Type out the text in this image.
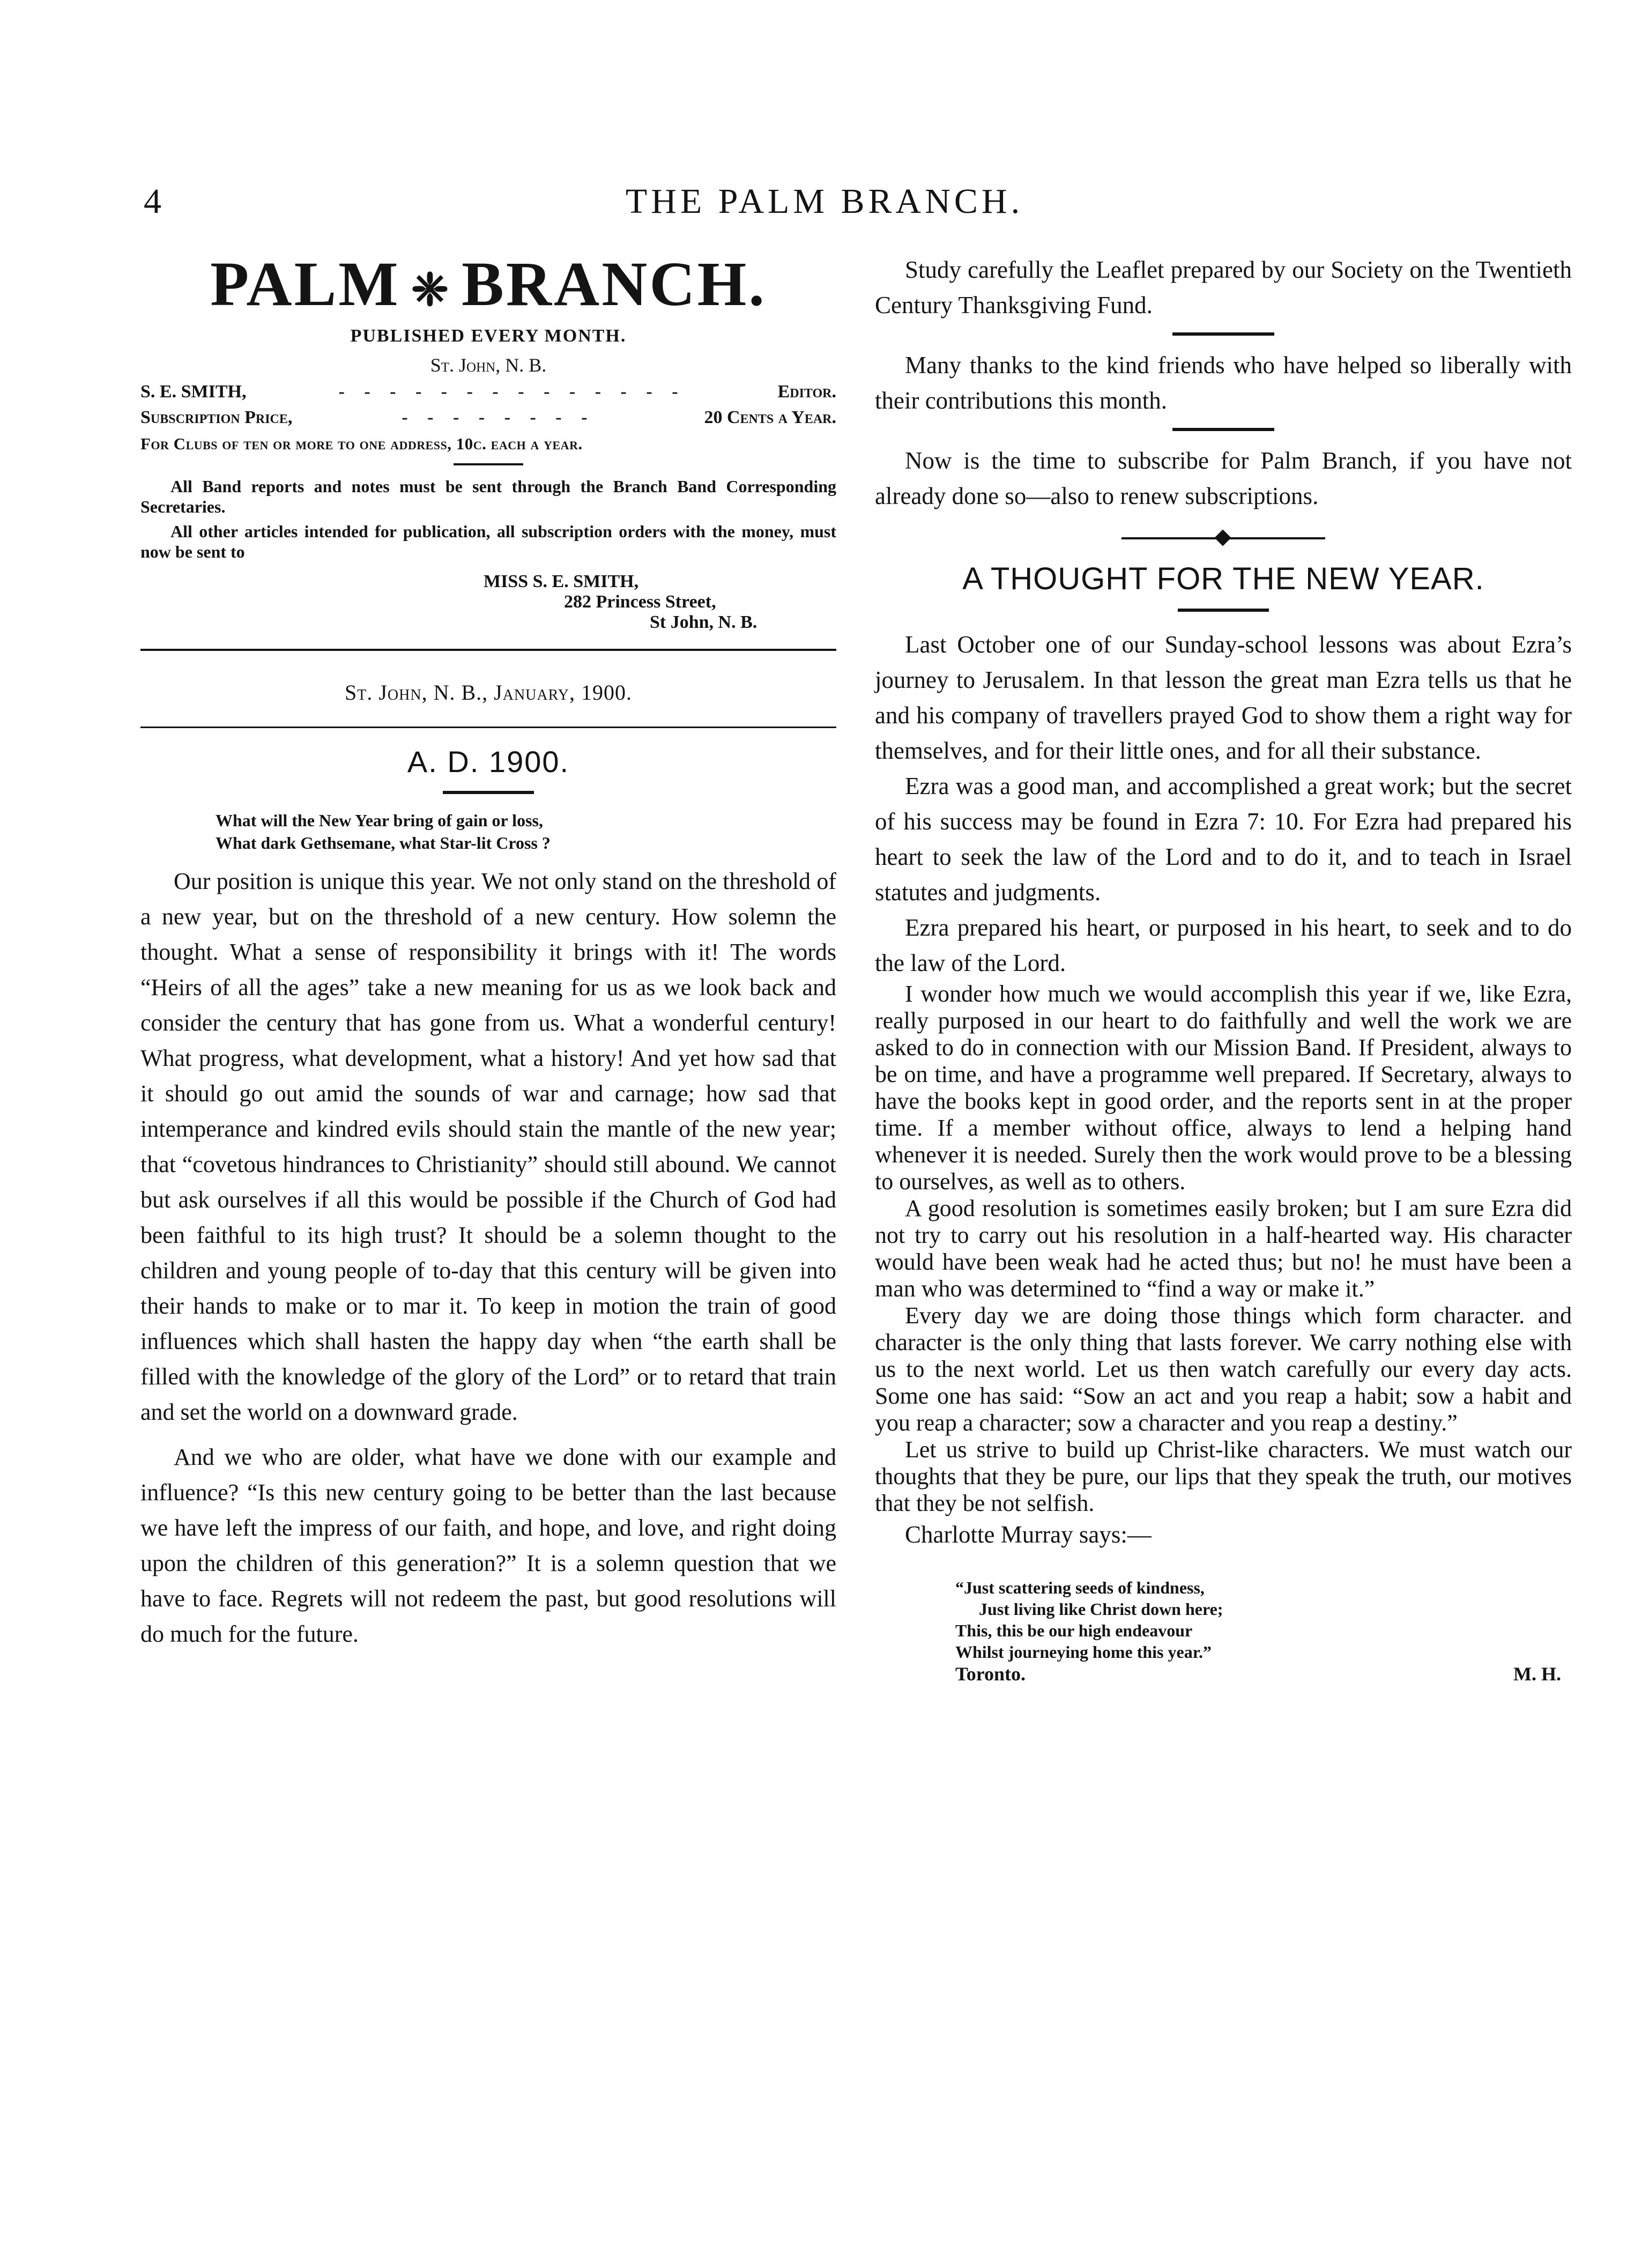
4	THE PALM BRANCH.
PALM ❈ BRANCH.
PUBLISHED EVERY MONTH.
St. John, N. B.
S. E. SMITH,	- - - - - - - - - - - - - -	Editor.
Subscription Price,	- - - - - - - -	20 Cents a Year.
For Clubs of ten or more to one address, 10c. each a year.
All Band reports and notes must be sent through the Branch Band Corresponding Secretaries.
All other articles intended for publication, all subscription orders with the money, must now be sent to
MISS S. E. SMITH,
282 Princess Street,
St John, N. B.
St. John, N. B., January, 1900.
A. D. 1900.
What will the New Year bring of gain or loss,
What dark Gethsemane, what Star-lit Cross ?

Our position is unique this year. We not only stand on the threshold of a new year, but on the threshold of a new century. How solemn the thought. What a sense of responsibility it brings with it! The words “Heirs of all the ages” take a new meaning for us as we look back and consider the century that has gone from us. What a wonderful century! What progress, what development, what a history! And yet how sad that it should go out amid the sounds of war and carnage; how sad that intemperance and kindred evils should stain the mantle of the new year; that “covetous hindrances to Christianity” should still abound. We cannot but ask ourselves if all this would be possible if the Church of God had been faithful to its high trust? It should be a solemn thought to the children and young people of to-day that this century will be given into their hands to make or to mar it. To keep in motion the train of good influences which shall hasten the happy day when “the earth shall be filled with the knowledge of the glory of the Lord” or to retard that train and set the world on a downward grade.

And we who are older, what have we done with our example and influence? “Is this new century going to be better than the last because we have left the impress of our faith, and hope, and love, and right doing upon the children of this generation?” It is a solemn question that we have to face. Regrets will not redeem the past, but good resolutions will do much for the future.

Study carefully the Leaflet prepared by our Society on the Twentieth Century Thanksgiving Fund.

Many thanks to the kind friends who have helped so liberally with their contributions this month.

Now is the time to subscribe for Palm Branch, if you have not already done so—also to renew subscriptions.

A THOUGHT FOR THE NEW YEAR.

Last October one of our Sunday-school lessons was about Ezra’s journey to Jerusalem. In that lesson the great man Ezra tells us that he and his company of travellers prayed God to show them a right way for themselves, and for their little ones, and for all their substance.

Ezra was a good man, and accomplished a great work; but the secret of his success may be found in Ezra 7: 10. For Ezra had prepared his heart to seek the law of the Lord and to do it, and to teach in Israel statutes and judgments.

Ezra prepared his heart, or purposed in his heart, to seek and to do the law of the Lord.

I wonder how much we would accomplish this year if we, like Ezra, really purposed in our heart to do faithfully and well the work we are asked to do in connection with our Mission Band. If President, always to be on time, and have a programme well prepared. If Secretary, always to have the books kept in good order, and the reports sent in at the proper time. If a member without office, always to lend a helping hand whenever it is needed. Surely then the work would prove to be a blessing to ourselves, as well as to others.

A good resolution is sometimes easily broken; but I am sure Ezra did not try to carry out his resolution in a half-hearted way. His character would have been weak had he acted thus; but no! he must have been a man who was determined to “find a way or make it.”

Every day we are doing those things which form character. and character is the only thing that lasts forever. We carry nothing else with us to the next world. Let us then watch carefully our every day acts. Some one has said: “Sow an act and you reap a habit; sow a habit and you reap a character; sow a character and you reap a destiny.”

Let us strive to build up Christ-like characters. We must watch our thoughts that they be pure, our lips that they speak the truth, our motives that they be not selfish.

Charlotte Murray says:—

“Just scattering seeds of kindness,
Just living like Christ down here;
This, this be our high endeavour
Whilst journeying home this year.”
Toronto.	M. H.
